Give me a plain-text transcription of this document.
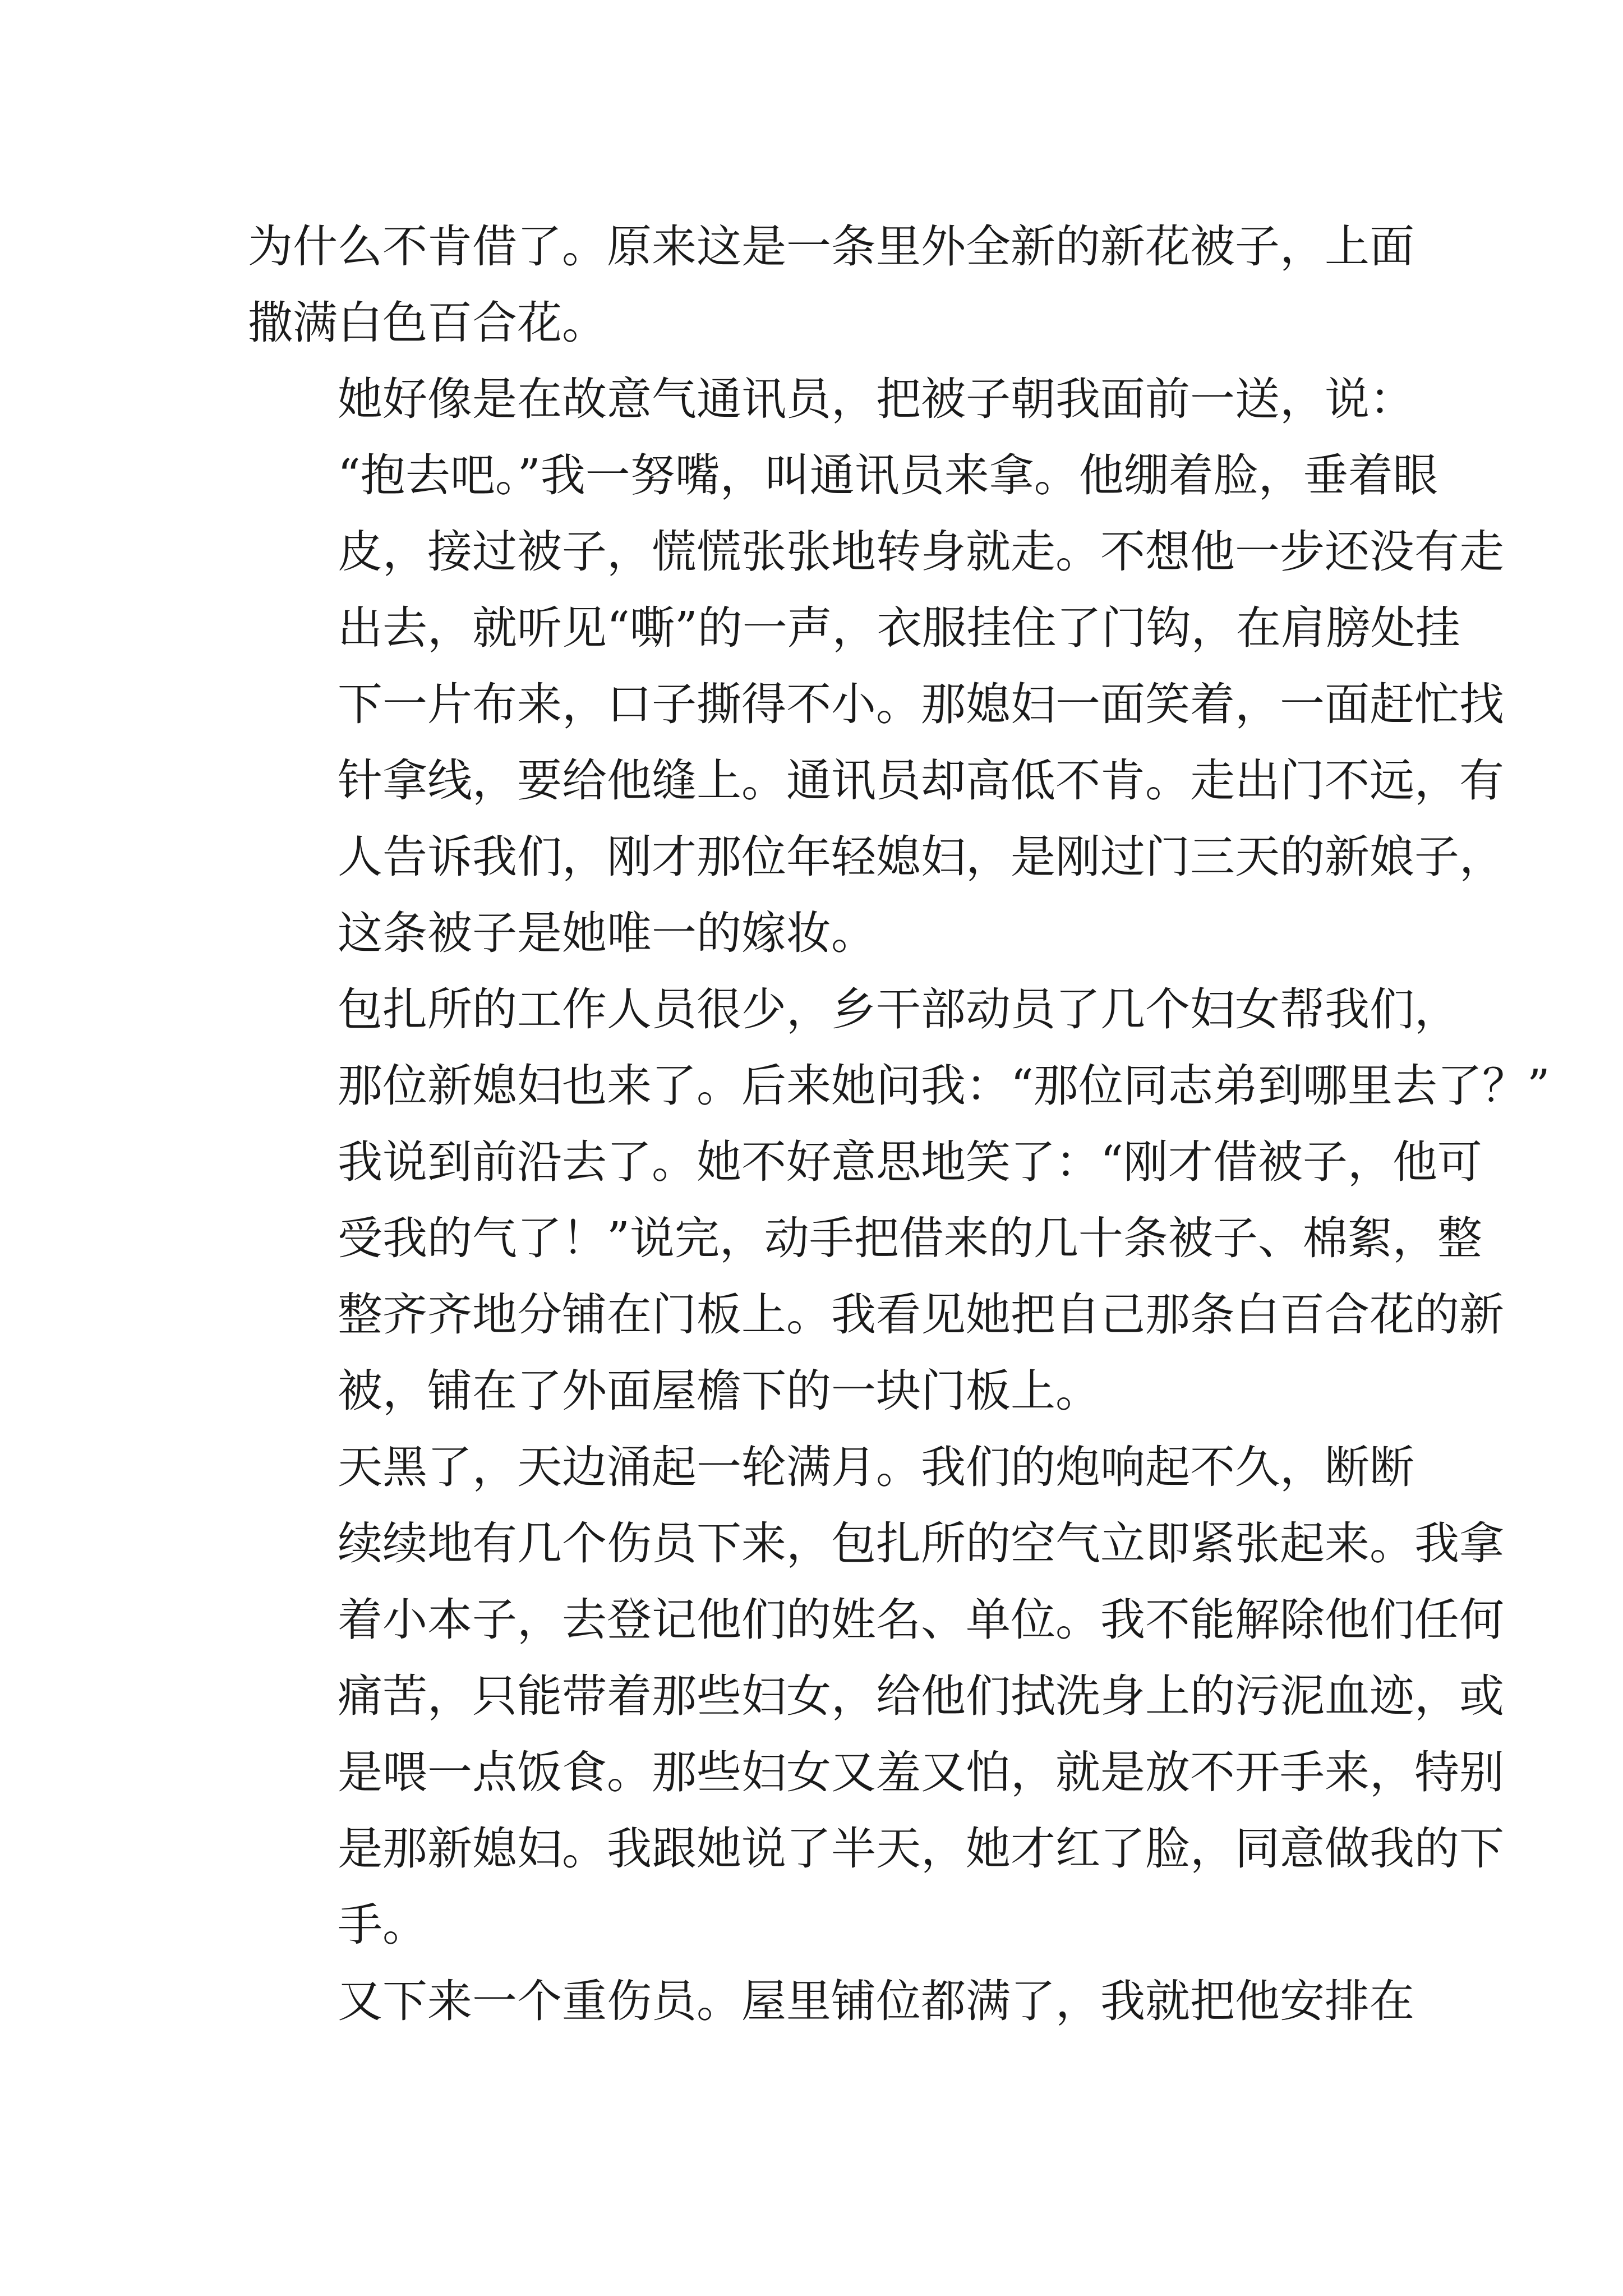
为什么不肯借了。原来这是一条里外全新的新花被子，上面
撒满白色百合花。
她好像是在故意气通讯员，把被子朝我面前一送，说：
“抱去吧。”我一努嘴，叫通讯员来拿。他绷着脸，垂着眼
皮，接过被子，慌慌张张地转身就走。不想他一步还没有走
出去，就听见“嘶”的一声，衣服挂住了门钩，在肩膀处挂
下一片布来，口子撕得不小。那媳妇一面笑着，一面赶忙找
针拿线，要给他缝上。通讯员却高低不肯。走出门不远，有
人告诉我们，刚才那位年轻媳妇，是刚过门三天的新娘子，
这条被子是她唯一的嫁妆。
包扎所的工作人员很少，乡干部动员了几个妇女帮我们，
那位新媳妇也来了。后来她问我：“那位同志弟到哪里去了？”
我说到前沿去了。她不好意思地笑了：“刚才借被子，他可
受我的气了！”说完，动手把借来的几十条被子、棉絮，整
整齐齐地分铺在门板上。我看见她把自己那条白百合花的新
被，铺在了外面屋檐下的一块门板上。
天黑了，天边涌起一轮满月。我们的炮响起不久，断断
续续地有几个伤员下来，包扎所的空气立即紧张起来。我拿
着小本子，去登记他们的姓名、单位。我不能解除他们任何
痛苦，只能带着那些妇女，给他们拭洗身上的污泥血迹，或
是喂一点饭食。那些妇女又羞又怕，就是放不开手来，特别
是那新媳妇。我跟她说了半天，她才红了脸，同意做我的下
手。
又下来一个重伤员。屋里铺位都满了，我就把他安排在
